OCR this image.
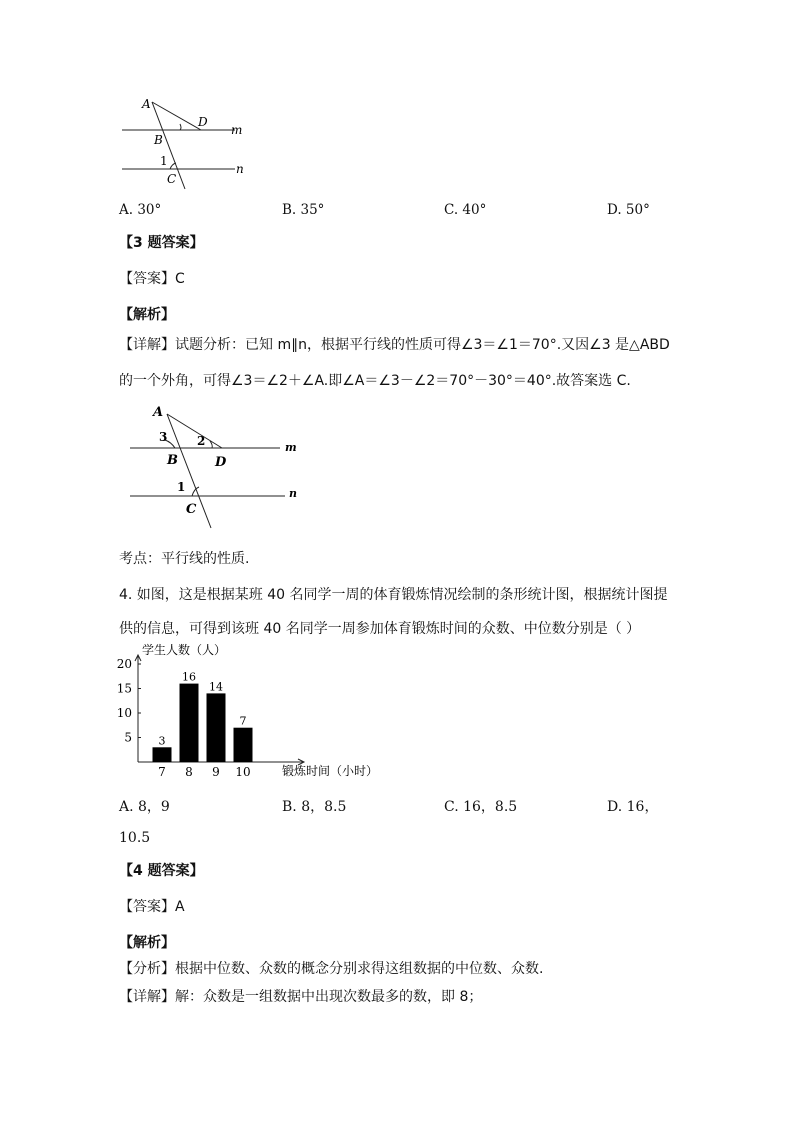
A
D
m
B
1
n
C
A. 30°	B. 35°	C. 40°	D. 50°
【3 题答案】
【答案】C
【解析】
【详解】试题分析：已知 m∥n，根据平行线的性质可得∠3＝∠1＝70°.又因∠3 是△ABD
的一个外角，可得∠3＝∠2＋∠A.即∠A＝∠3－∠2＝70°－30°＝40°.故答案选 C.
A
3 2	m
B	D
1	n
C
考点：平行线的性质.
4. 如图，这是根据某班 40 名同学一周的体育锻炼情况绘制的条形统计图，根据统计图提
供的信息，可得到该班 40 名同学一周参加体育锻炼时间的众数、中位数分别是（ ）
学生人数（人）
锻炼时间（小时）
5
10
15
20
3
7
16
8
14
9
7
10
A. 8，9	B. 8，8.5	C. 16，8.5	D. 16，
10.5
【4 题答案】
【答案】A
【解析】
【分析】根据中位数、众数的概念分别求得这组数据的中位数、众数.
【详解】解：众数是一组数据中出现次数最多的数，即 8；
